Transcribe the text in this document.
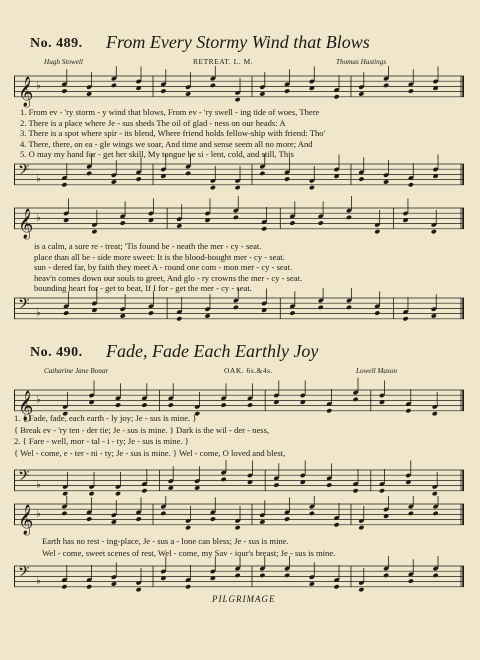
No. 489. From Every Stormy Wind that Blows
Hugh Stowell	RETREAT. L. M.	Thomas Hastings
𝄞 ♭
1. From ev - 'ry storm - y wind that blows, From ev - 'ry swell - ing tide of woes, There
2. There is a place where Je - sus sheds The oil of glad - ness on our heads: A
3. There is a spot where spir - its blend, Where friend holds fellow-ship with friend: Tho'
4. There, there, on ea - gle wings we soar, And time and sense seem all no more; And
5. O may my hand for - get her skill, My tongue be si - lent, cold, and still, This
𝄢 ♭
𝄞 ♭
is a calm, a sure re - treat; 'Tis found be - neath the mer - cy - seat.
place than all be - side more sweet: It is the blood-bought mer - cy - seat.
sun - dered far, by faith they meet A - round one com - mon mer - cy - seat.
heav'n comes down our souls to greet, And glo - ry crowns the mer - cy - seat.
bounding heart for - get to beat, If I for - get the mer - cy - seat.
𝄢 ♭
No. 490. Fade, Fade Each Earthly Joy
Catharine Jane Bonar	OAK. 6s.&4s.	Lowell Mason
𝄞 ♭
1. { Fade, fade, each earth - ly joy; Je - sus is mine. }
{ Break ev - 'ry ten - der tie; Je - sus is mine. } Dark is the wil - der - ness,
2. { Fare - well, mor - tal - i - ty; Je - sus is mine. }
{ Wel - come, e - ter - ni - ty; Je - sus is mine. } Wel - come, O loved and blest,
𝄢 ♭
𝄞 ♭
Earth has no rest - ing-place, Je - sus a - lone can bless; Je - sus is mine.
Wel - come, sweet scenes of rest, Wel - come, my Sav - iour's breast; Je - sus is mine.
𝄢 ♭
PILGRIMAGE
